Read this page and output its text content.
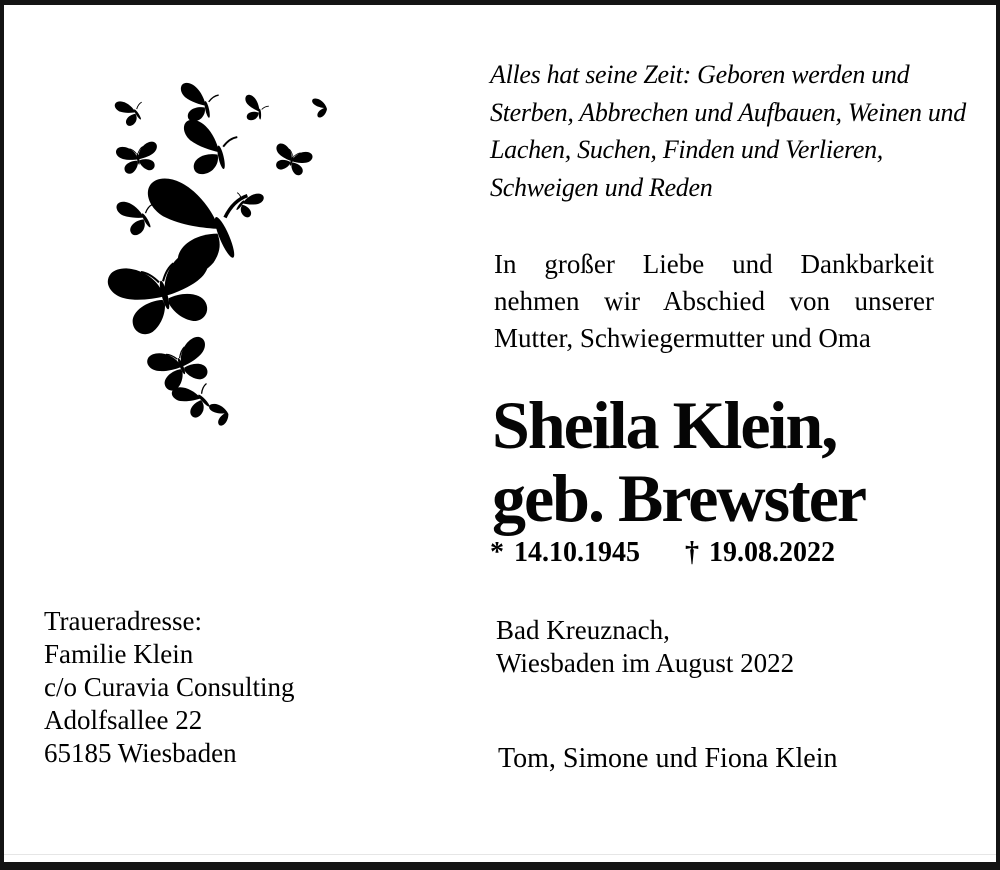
Alles hat seine Zeit: Geboren werden und
Sterben, Abbrechen und Aufbauen, Weinen und
Lachen, Suchen, Finden und Verlieren,
Schweigen und Reden
In großer Liebe und Dankbarkeit
nehmen wir Abschied von unserer
Mutter, Schwiegermutter und Oma
Sheila Klein,
geb. Brewster
* 14.10.1945 † 19.08.2022
Traueradresse:
Familie Klein
c/o Curavia Consulting
Adolfsallee 22
65185 Wiesbaden
Bad Kreuznach,
Wiesbaden im August 2022
Tom, Simone und Fiona Klein
